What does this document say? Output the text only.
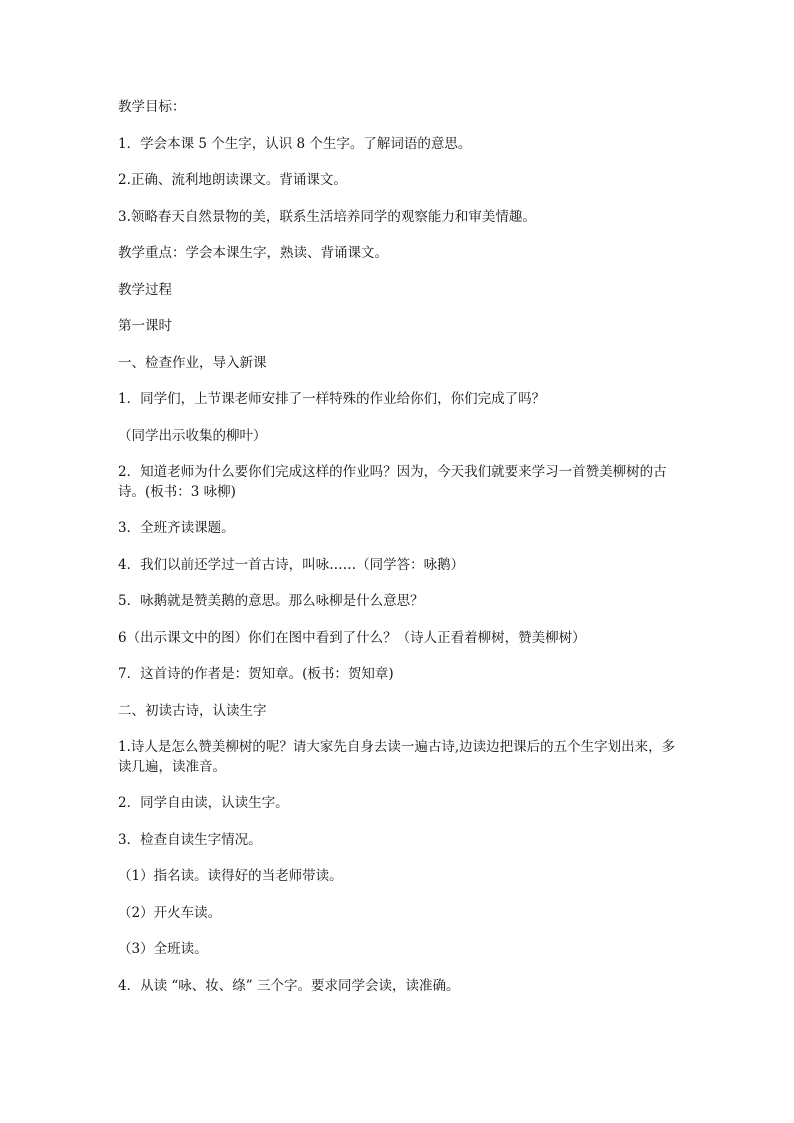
教学目标：

1．学会本课 5 个生字，认识 8 个生字。了解词语的意思。

2.正确、流利地朗读课文。背诵课文。

3.领略春天自然景物的美，联系生活培养同学的观察能力和审美情趣。

教学重点：学会本课生字，熟读、背诵课文。

教学过程

第一课时

一、检查作业，导入新课

1．同学们，上节课老师安排了一样特殊的作业给你们，你们完成了吗？

（同学出示收集的柳叶）

2．知道老师为什么要你们完成这样的作业吗？因为，今天我们就要来学习一首赞美柳树的古诗。(板书：3 咏柳)

3．全班齐读课题。

4．我们以前还学过一首古诗，叫咏……（同学答：咏鹅）

5．咏鹅就是赞美鹅的意思。那么咏柳是什么意思？

6（出示课文中的图）你们在图中看到了什么？（诗人正看着柳树，赞美柳树）

7．这首诗的作者是：贺知章。(板书：贺知章)

二、初读古诗，认读生字

1.诗人是怎么赞美柳树的呢？请大家先自身去读一遍古诗,边读边把课后的五个生字划出来，多读几遍，读准音。

2．同学自由读，认读生字。

3．检查自读生字情况。

（1）指名读。读得好的当老师带读。

（2）开火车读。

（3）全班读。

4．从读 “咏、妆、绦” 三个字。要求同学会读，读准确。
